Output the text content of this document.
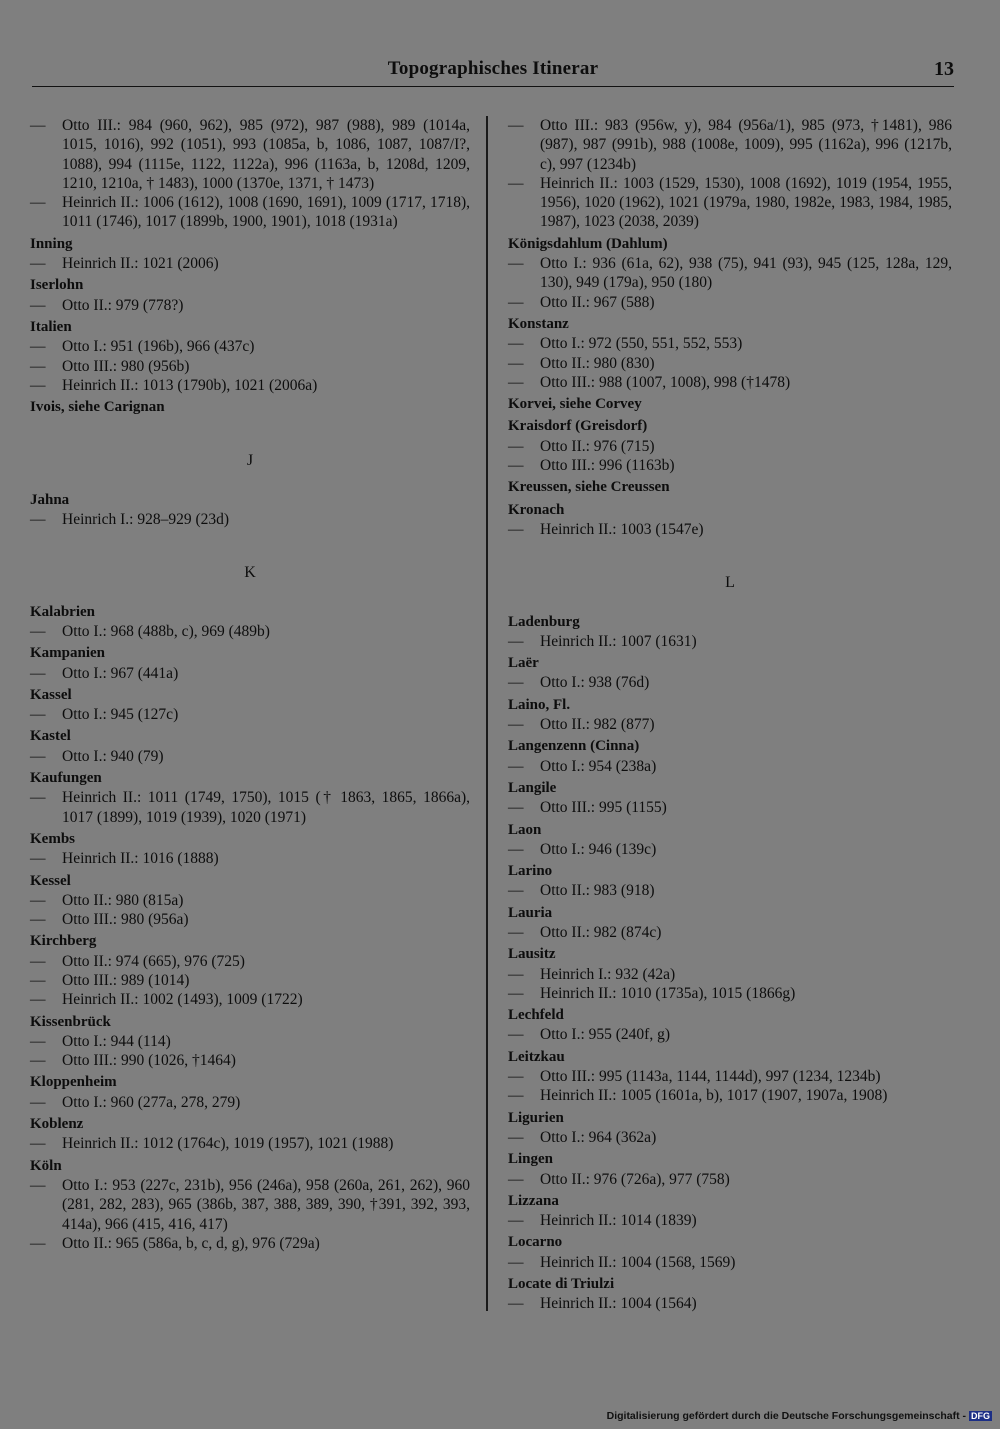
Topographisches Itinerar	13
— Otto III.: 984 (960, 962), 985 (972), 987 (988), 989 (1014a, 1015, 1016), 992 (1051), 993 (1085a, b, 1086, 1087, 1087/I?, 1088), 994 (1115e, 1122, 1122a), 996 (1163a, b, 1208d, 1209, 1210, 1210a, † 1483), 1000 (1370e, 1371, † 1473)
— Heinrich II.: 1006 (1612), 1008 (1690, 1691), 1009 (1717, 1718), 1011 (1746), 1017 (1899b, 1900, 1901), 1018 (1931a)
Inning
— Heinrich II.: 1021 (2006)
Iserlohn
— Otto II.: 979 (778?)
Italien
— Otto I.: 951 (196b), 966 (437c)
— Otto III.: 980 (956b)
— Heinrich II.: 1013 (1790b), 1021 (2006a)
Ivois, siehe Carignan
J
Jahna
— Heinrich I.: 928–929 (23d)
K
Kalabrien
— Otto I.: 968 (488b, c), 969 (489b)
Kampanien
— Otto I.: 967 (441a)
Kassel
— Otto I.: 945 (127c)
Kastel
— Otto I.: 940 (79)
Kaufungen
— Heinrich II.: 1011 (1749, 1750), 1015 († 1863, 1865, 1866a), 1017 (1899), 1019 (1939), 1020 (1971)
Kembs
— Heinrich II.: 1016 (1888)
Kessel
— Otto II.: 980 (815a)
— Otto III.: 980 (956a)
Kirchberg
— Otto II.: 974 (665), 976 (725)
— Otto III.: 989 (1014)
— Heinrich II.: 1002 (1493), 1009 (1722)
Kissenbrück
— Otto I.: 944 (114)
— Otto III.: 990 (1026, †1464)
Kloppenheim
— Otto I.: 960 (277a, 278, 279)
Koblenz
— Heinrich II.: 1012 (1764c), 1019 (1957), 1021 (1988)
Köln
— Otto I.: 953 (227c, 231b), 956 (246a), 958 (260a, 261, 262), 960 (281, 282, 283), 965 (386b, 387, 388, 389, 390, †391, 392, 393, 414a), 966 (415, 416, 417)
— Otto II.: 965 (586a, b, c, d, g), 976 (729a)
— Otto III.: 983 (956w, y), 984 (956a/1), 985 (973, †1481), 986 (987), 987 (991b), 988 (1008e, 1009), 995 (1162a), 996 (1217b, c), 997 (1234b)
— Heinrich II.: 1003 (1529, 1530), 1008 (1692), 1019 (1954, 1955, 1956), 1020 (1962), 1021 (1979a, 1980, 1982e, 1983, 1984, 1985, 1987), 1023 (2038, 2039)
Königsdahlum (Dahlum)
— Otto I.: 936 (61a, 62), 938 (75), 941 (93), 945 (125, 128a, 129, 130), 949 (179a), 950 (180)
— Otto II.: 967 (588)
Konstanz
— Otto I.: 972 (550, 551, 552, 553)
— Otto II.: 980 (830)
— Otto III.: 988 (1007, 1008), 998 (†1478)
Korvei, siehe Corvey
Kraisdorf (Greisdorf)
— Otto II.: 976 (715)
— Otto III.: 996 (1163b)
Kreussen, siehe Creussen
Kronach
— Heinrich II.: 1003 (1547e)
L
Ladenburg
— Heinrich II.: 1007 (1631)
Laër
— Otto I.: 938 (76d)
Laino, Fl.
— Otto II.: 982 (877)
Langenzenn (Cinna)
— Otto I.: 954 (238a)
Langile
— Otto III.: 995 (1155)
Laon
— Otto I.: 946 (139c)
Larino
— Otto II.: 983 (918)
Lauria
— Otto II.: 982 (874c)
Lausitz
— Heinrich I.: 932 (42a)
— Heinrich II.: 1010 (1735a), 1015 (1866g)
Lechfeld
— Otto I.: 955 (240f, g)
Leitzkau
— Otto III.: 995 (1143a, 1144, 1144d), 997 (1234, 1234b)
— Heinrich II.: 1005 (1601a, b), 1017 (1907, 1907a, 1908)
Ligurien
— Otto I.: 964 (362a)
Lingen
— Otto II.: 976 (726a), 977 (758)
Lizzana
— Heinrich II.: 1014 (1839)
Locarno
— Heinrich II.: 1004 (1568, 1569)
Locate di Triulzi
— Heinrich II.: 1004 (1564)
Digitalisierung gefördert durch die Deutsche Forschungsgemeinschaft - DFG
